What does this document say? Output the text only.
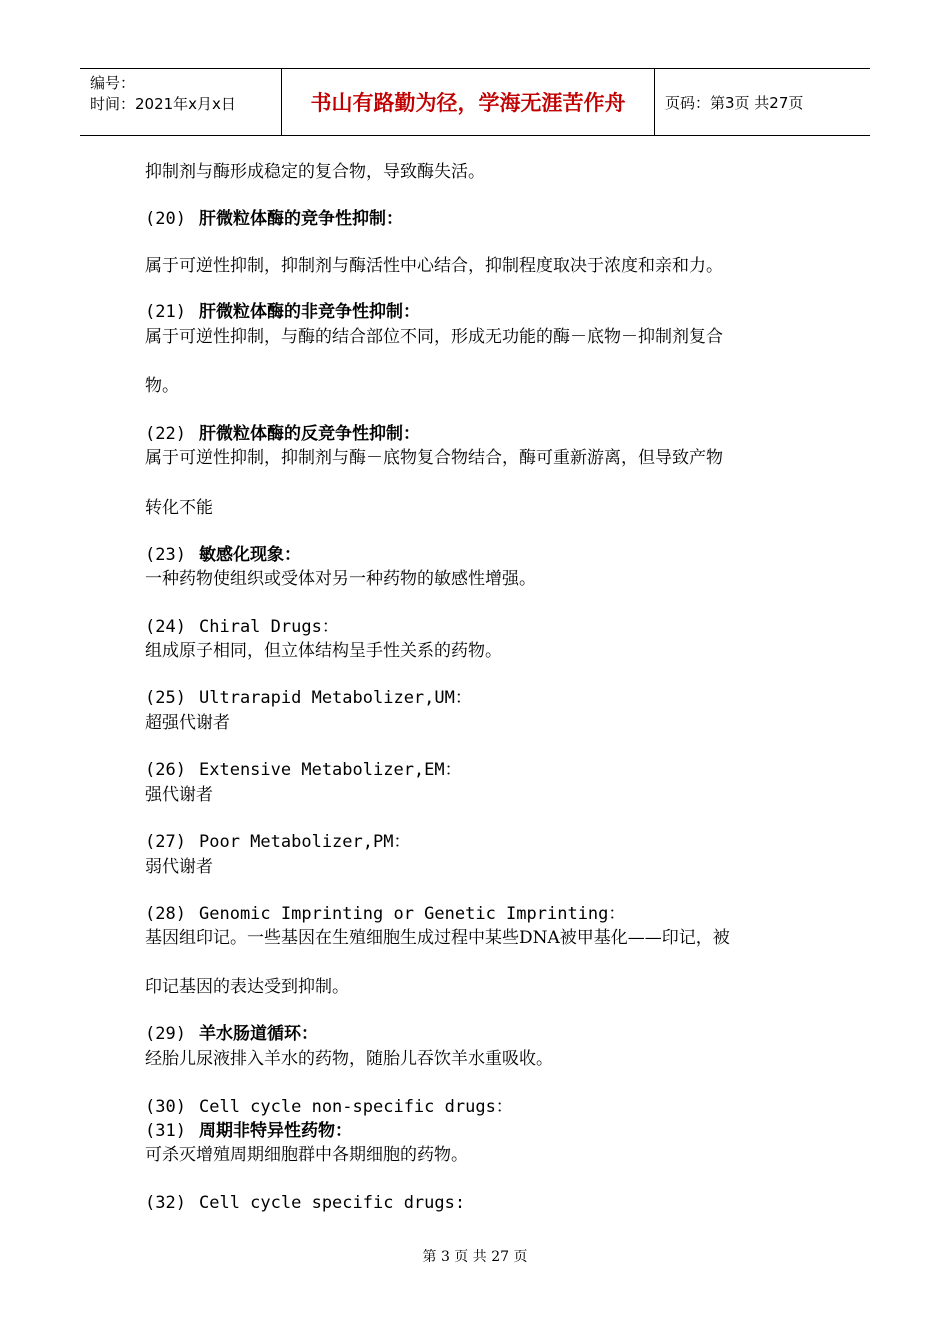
编号：
时间：2021年x月x日	书山有路勤为径，学海无涯苦作舟	页码：第3页 共27页
抑制剂与酶形成稳定的复合物，导致酶失活。
(20) 肝微粒体酶的竞争性抑制：
属于可逆性抑制，抑制剂与酶活性中心结合，抑制程度取决于浓度和亲和力。
(21) 肝微粒体酶的非竞争性抑制：
属于可逆性抑制，与酶的结合部位不同，形成无功能的酶－底物－抑制剂复合
物。
(22) 肝微粒体酶的反竞争性抑制：
属于可逆性抑制，抑制剂与酶－底物复合物结合，酶可重新游离，但导致产物
转化不能
(23) 敏感化现象：
一种药物使组织或受体对另一种药物的敏感性增强。
(24) Chiral Drugs：
组成原子相同，但立体结构呈手性关系的药物。
(25) Ultrarapid Metabolizer,UM：
超强代谢者
(26) Extensive Metabolizer,EM：
强代谢者
(27) Poor Metabolizer,PM：
弱代谢者
(28) Genomic Imprinting or Genetic Imprinting：
基因组印记。一些基因在生殖细胞生成过程中某些DNA被甲基化——印记，被
印记基因的表达受到抑制。
(29) 羊水肠道循环：
经胎儿尿液排入羊水的药物，随胎儿吞饮羊水重吸收。
(30) Cell cycle non-specific drugs：
(31) 周期非特异性药物：
可杀灭增殖周期细胞群中各期细胞的药物。
(32) Cell cycle specific drugs:
第 3 页 共 27 页
